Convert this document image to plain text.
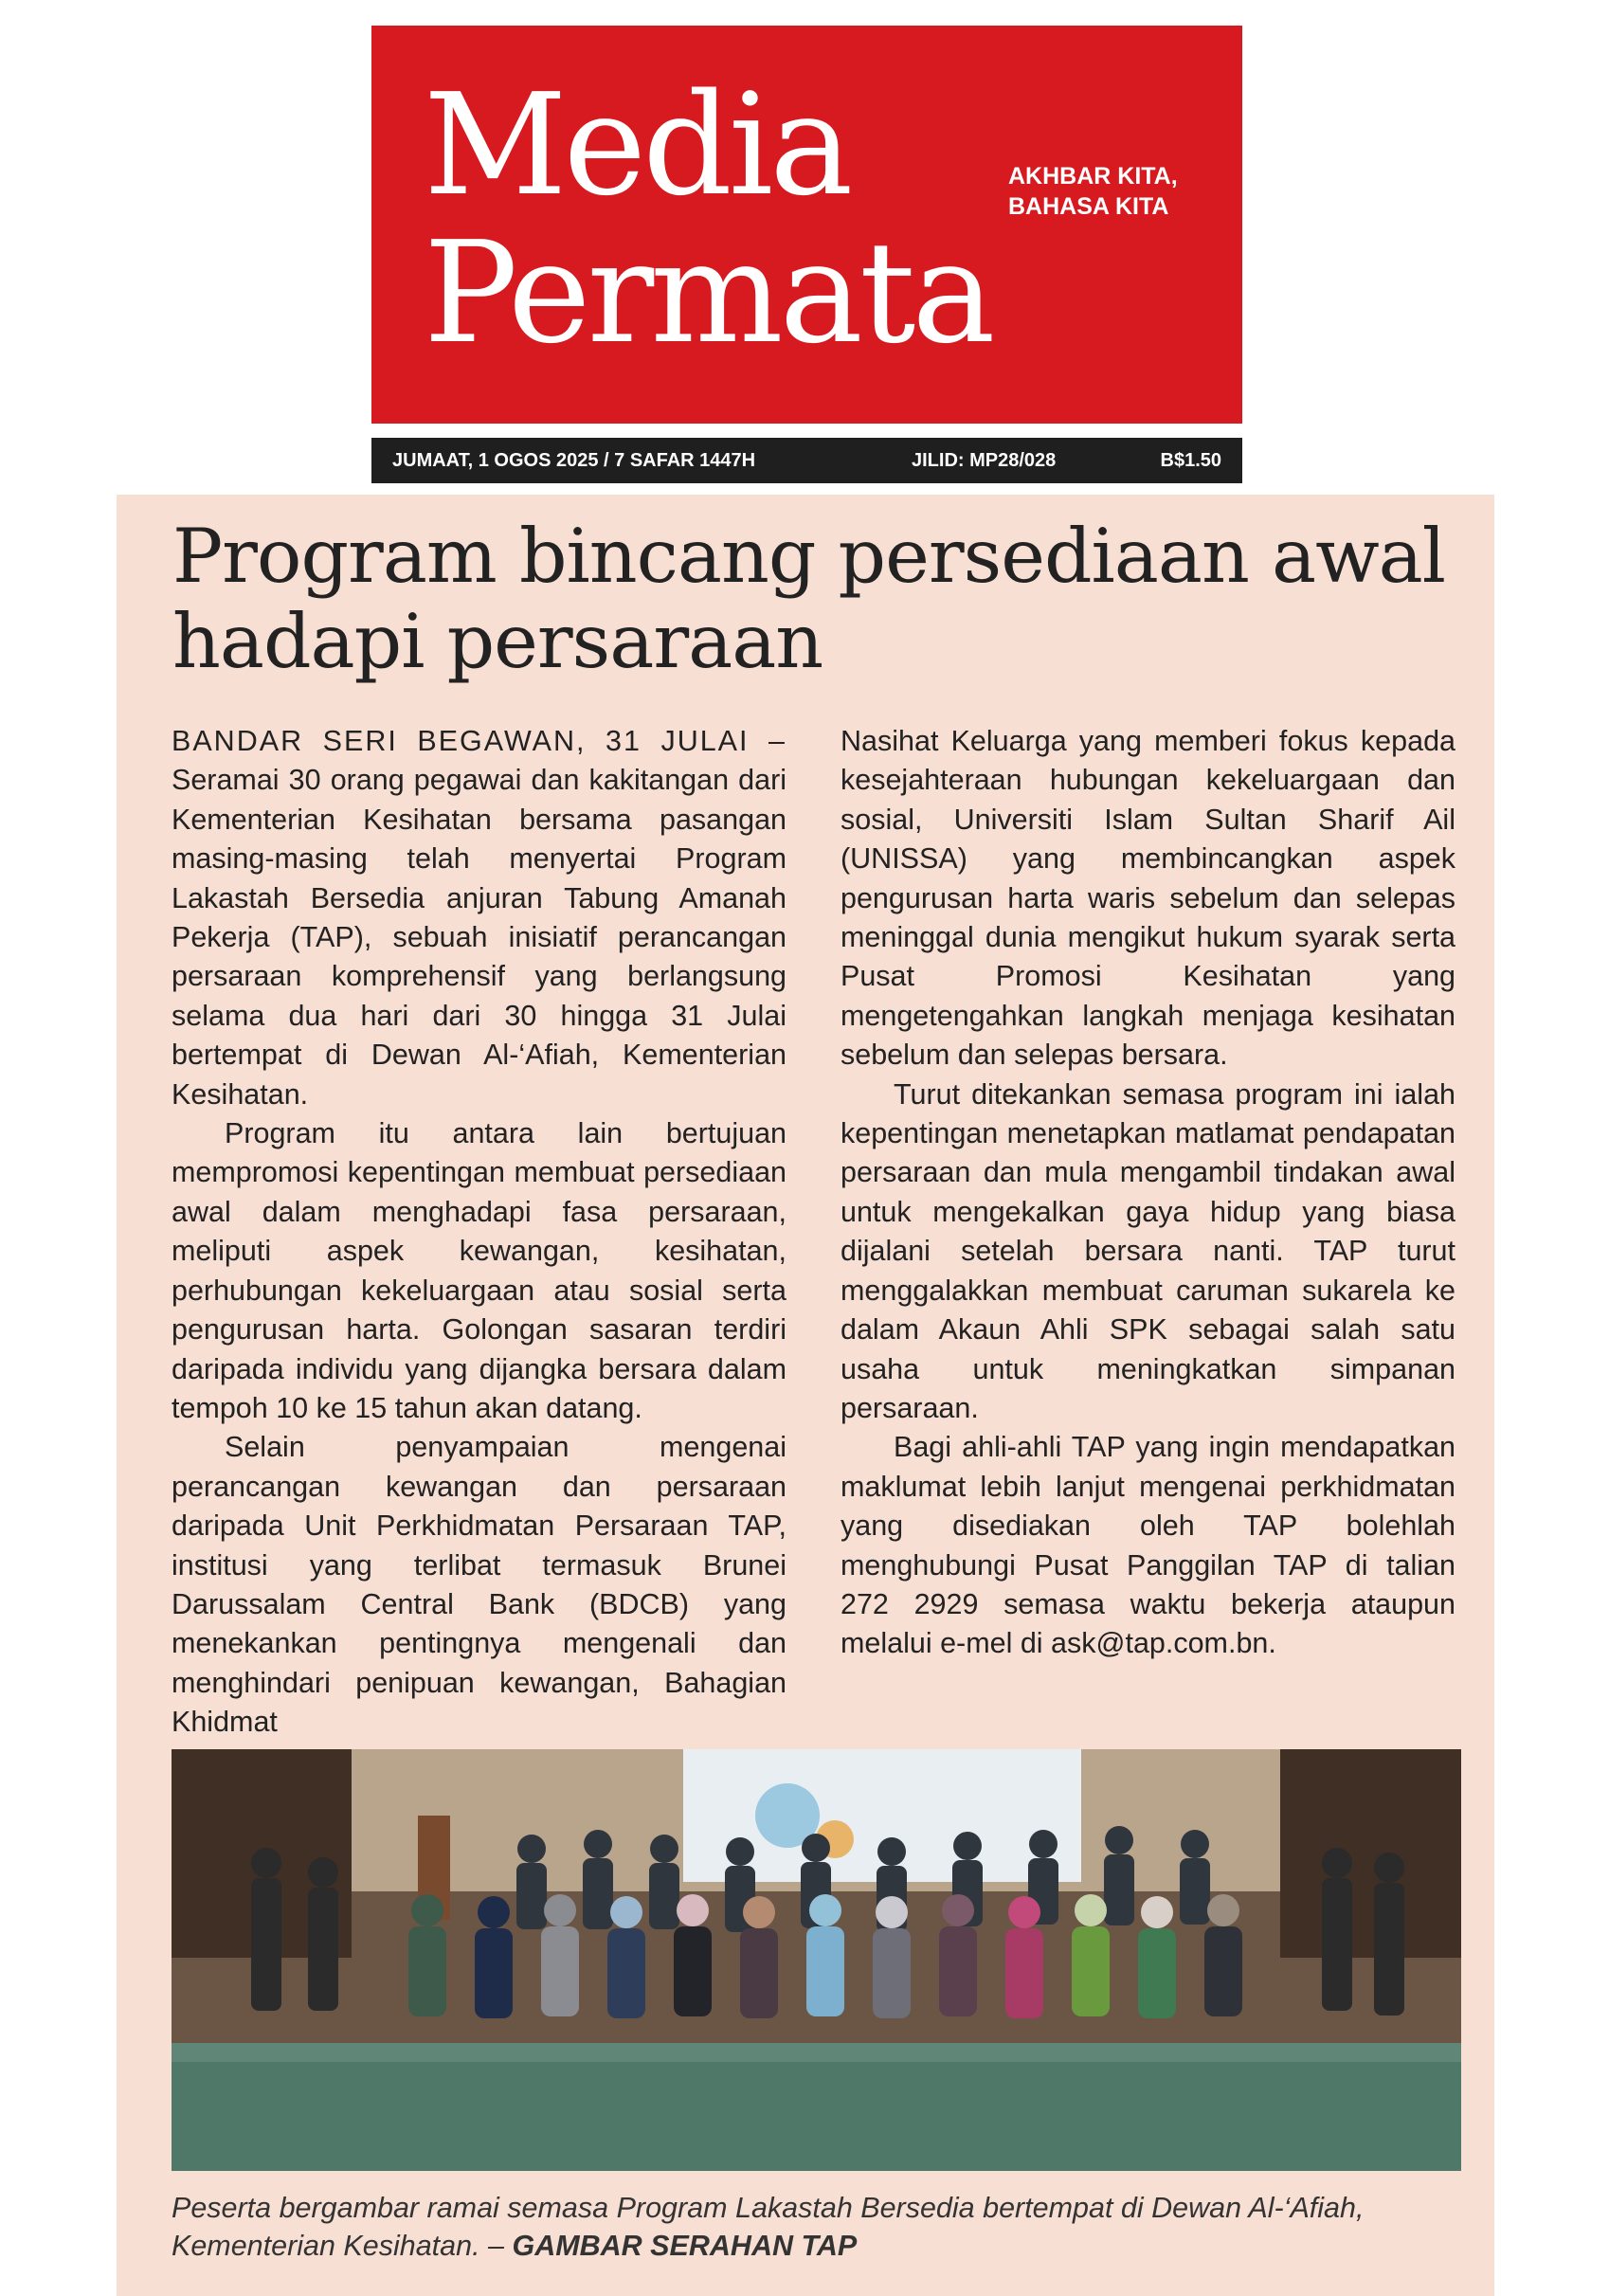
Media
Permata
AKHBAR KITA,
BAHASA KITA
JUMAAT, 1 OGOS 2025 / 7 SAFAR 1447H	JILID: MP28/028	B$1.50
Program bincang persediaan awal hadapi persaraan

BANDAR SERI BEGAWAN, 31 JULAI – Seramai 30 orang pegawai dan kakitangan dari Kementerian Kesihatan bersama pasangan masing-masing telah menyertai Program Lakastah Bersedia anjuran Tabung Amanah Pekerja (TAP), sebuah inisiatif perancangan persaraan komprehensif yang berlangsung selama dua hari dari 30 hingga 31 Julai bertempat di Dewan Al-‘Afiah, Kementerian Kesihatan.

Program itu antara lain bertujuan mempromosi kepentingan membuat persediaan awal dalam menghadapi fasa persaraan, meliputi aspek kewangan, kesihatan, perhubungan kekeluargaan atau sosial serta pengurusan harta. Golongan sasaran terdiri daripada individu yang dijangka bersara dalam tempoh 10 ke 15 tahun akan datang.

Selain penyampaian mengenai perancangan kewangan dan persaraan daripada Unit Perkhidmatan Persaraan TAP, institusi yang terlibat termasuk Brunei Darussalam Central Bank (BDCB) yang menekankan pentingnya mengenali dan menghindari penipuan kewangan, Bahagian Khidmat

Nasihat Keluarga yang memberi fokus kepada kesejahteraan hubungan kekeluargaan dan sosial, Universiti Islam Sultan Sharif Ail (UNISSA) yang membincangkan aspek pengurusan harta waris sebelum dan selepas meninggal dunia mengikut hukum syarak serta Pusat Promosi Kesihatan yang mengetengahkan langkah menjaga kesihatan sebelum dan selepas bersara.

Turut ditekankan semasa program ini ialah kepentingan menetapkan matlamat pendapatan persaraan dan mula mengambil tindakan awal untuk mengekalkan gaya hidup yang biasa dijalani setelah bersara nanti. TAP turut menggalakkan membuat caruman sukarela ke dalam Akaun Ahli SPK sebagai salah satu usaha untuk meningkatkan simpanan persaraan.

Bagi ahli-ahli TAP yang ingin mendapatkan maklumat lebih lanjut mengenai perkhidmatan yang disediakan oleh TAP bolehlah menghubungi Pusat Panggilan TAP di talian 272 2929 semasa waktu bekerja ataupun melalui e-mel di ask@tap.com.bn.

Peserta bergambar ramai semasa Program Lakastah Bersedia bertempat di Dewan Al-‘Afiah, Kementerian Kesihatan. – GAMBAR SERAHAN TAP
